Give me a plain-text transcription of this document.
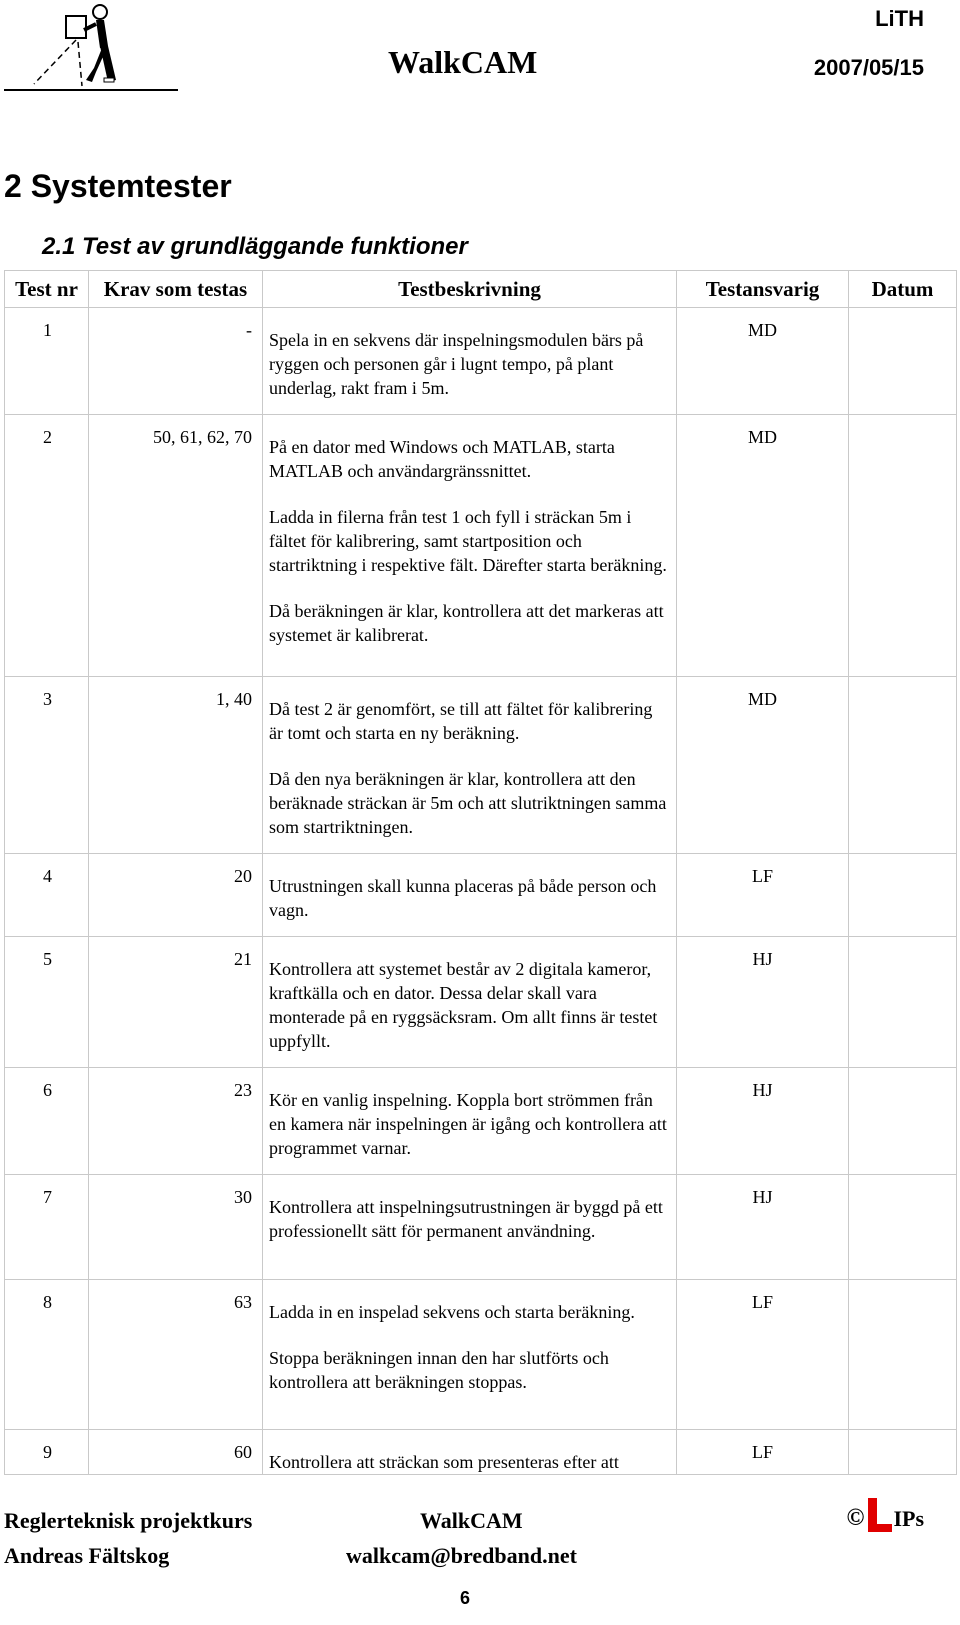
LiTH
WalkCAM	2007/05/15
2 Systemtester
2.1 Test av grundläggande funktioner
Test nr	Krav som testas	Testbeskrivning	Testansvarig	Datum

1	-	Spela in en sekvens där inspelningsmodulen bärs på ryggen och personen går i lugnt tempo, på plant underlag, rakt fram i 5m.	MD	

2	50, 61, 62, 70	På en dator med Windows och MATLAB, starta MATLAB och användargränssnittet.

Ladda in filerna från test 1 och fyll i sträckan 5m i fältet för kalibrering, samt startposition och startriktning i respektive fält. Därefter starta beräkning.

Då beräkningen är klar, kontrollera att det markeras att systemet är kalibrerat.	MD	

3	1, 40	Då test 2 är genomfört, se till att fältet för kalibrering är tomt och starta en ny beräkning.

Då den nya beräkningen är klar, kontrollera att den beräknade sträckan är 5m och att slutriktningen samma som startriktningen.	MD	

4	20	Utrustningen skall kunna placeras på både person och vagn.	LF	

5	21	Kontrollera att systemet består av 2 digitala kameror, kraftkälla och en dator. Dessa delar skall vara monterade på en ryggsäcksram. Om allt finns är testet uppfyllt.	HJ	

6	23	Kör en vanlig inspelning. Koppla bort strömmen från en kamera när inspelningen är igång och kontrollera att programmet varnar.	HJ	

7	30	Kontrollera att inspelningsutrustningen är byggd på ett professionellt sätt för permanent användning.	HJ	

8	63	Ladda in en inspelad sekvens och starta beräkning.

Stoppa beräkningen innan den har slutförts och kontrollera att beräkningen stoppas.	LF	

9	60	Kontrollera att sträckan som presenteras efter att	LF	

Reglerteknisk projektkurs
Andreas Fältskog
WalkCAM
walkcam@bredband.net
© IPs
6
